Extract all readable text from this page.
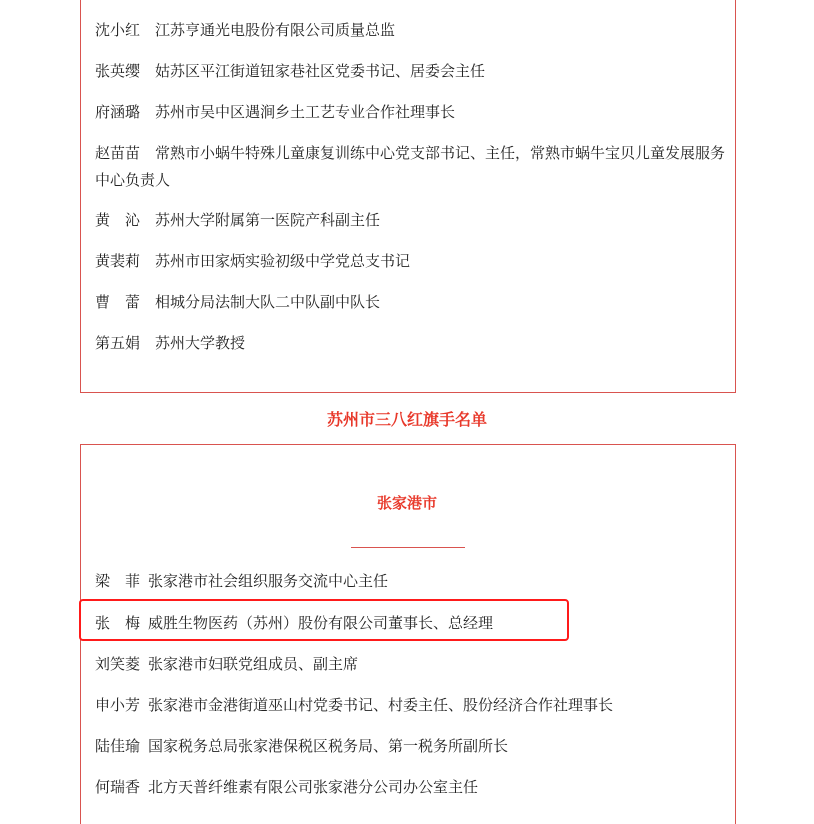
沈小红 江苏亨通光电股份有限公司质量总监
张英缨 姑苏区平江街道钮家巷社区党委书记、居委会主任
府涵璐 苏州市吴中区遇涧乡土工艺专业合作社理事长
赵苗苗 常熟市小蜗牛特殊儿童康复训练中心党支部书记、主任，常熟市蜗牛宝贝儿童发展服务中心负责人
黄　沁 苏州大学附属第一医院产科副主任
黄裴莉 苏州市田家炳实验初级中学党总支书记
曹　蕾 相城分局法制大队二中队副中队长
第五娟 苏州大学教授
苏州市三八红旗手名单
张家港市
梁　菲 张家港市社会组织服务交流中心主任
张　梅 威胜生物医药（苏州）股份有限公司董事长、总经理
刘笑菱 张家港市妇联党组成员、副主席
申小芳 张家港市金港街道巫山村党委书记、村委主任、股份经济合作社理事长
陆佳瑜 国家税务总局张家港保税区税务局、第一税务所副所长
何瑞香 北方天普纤维素有限公司张家港分公司办公室主任
